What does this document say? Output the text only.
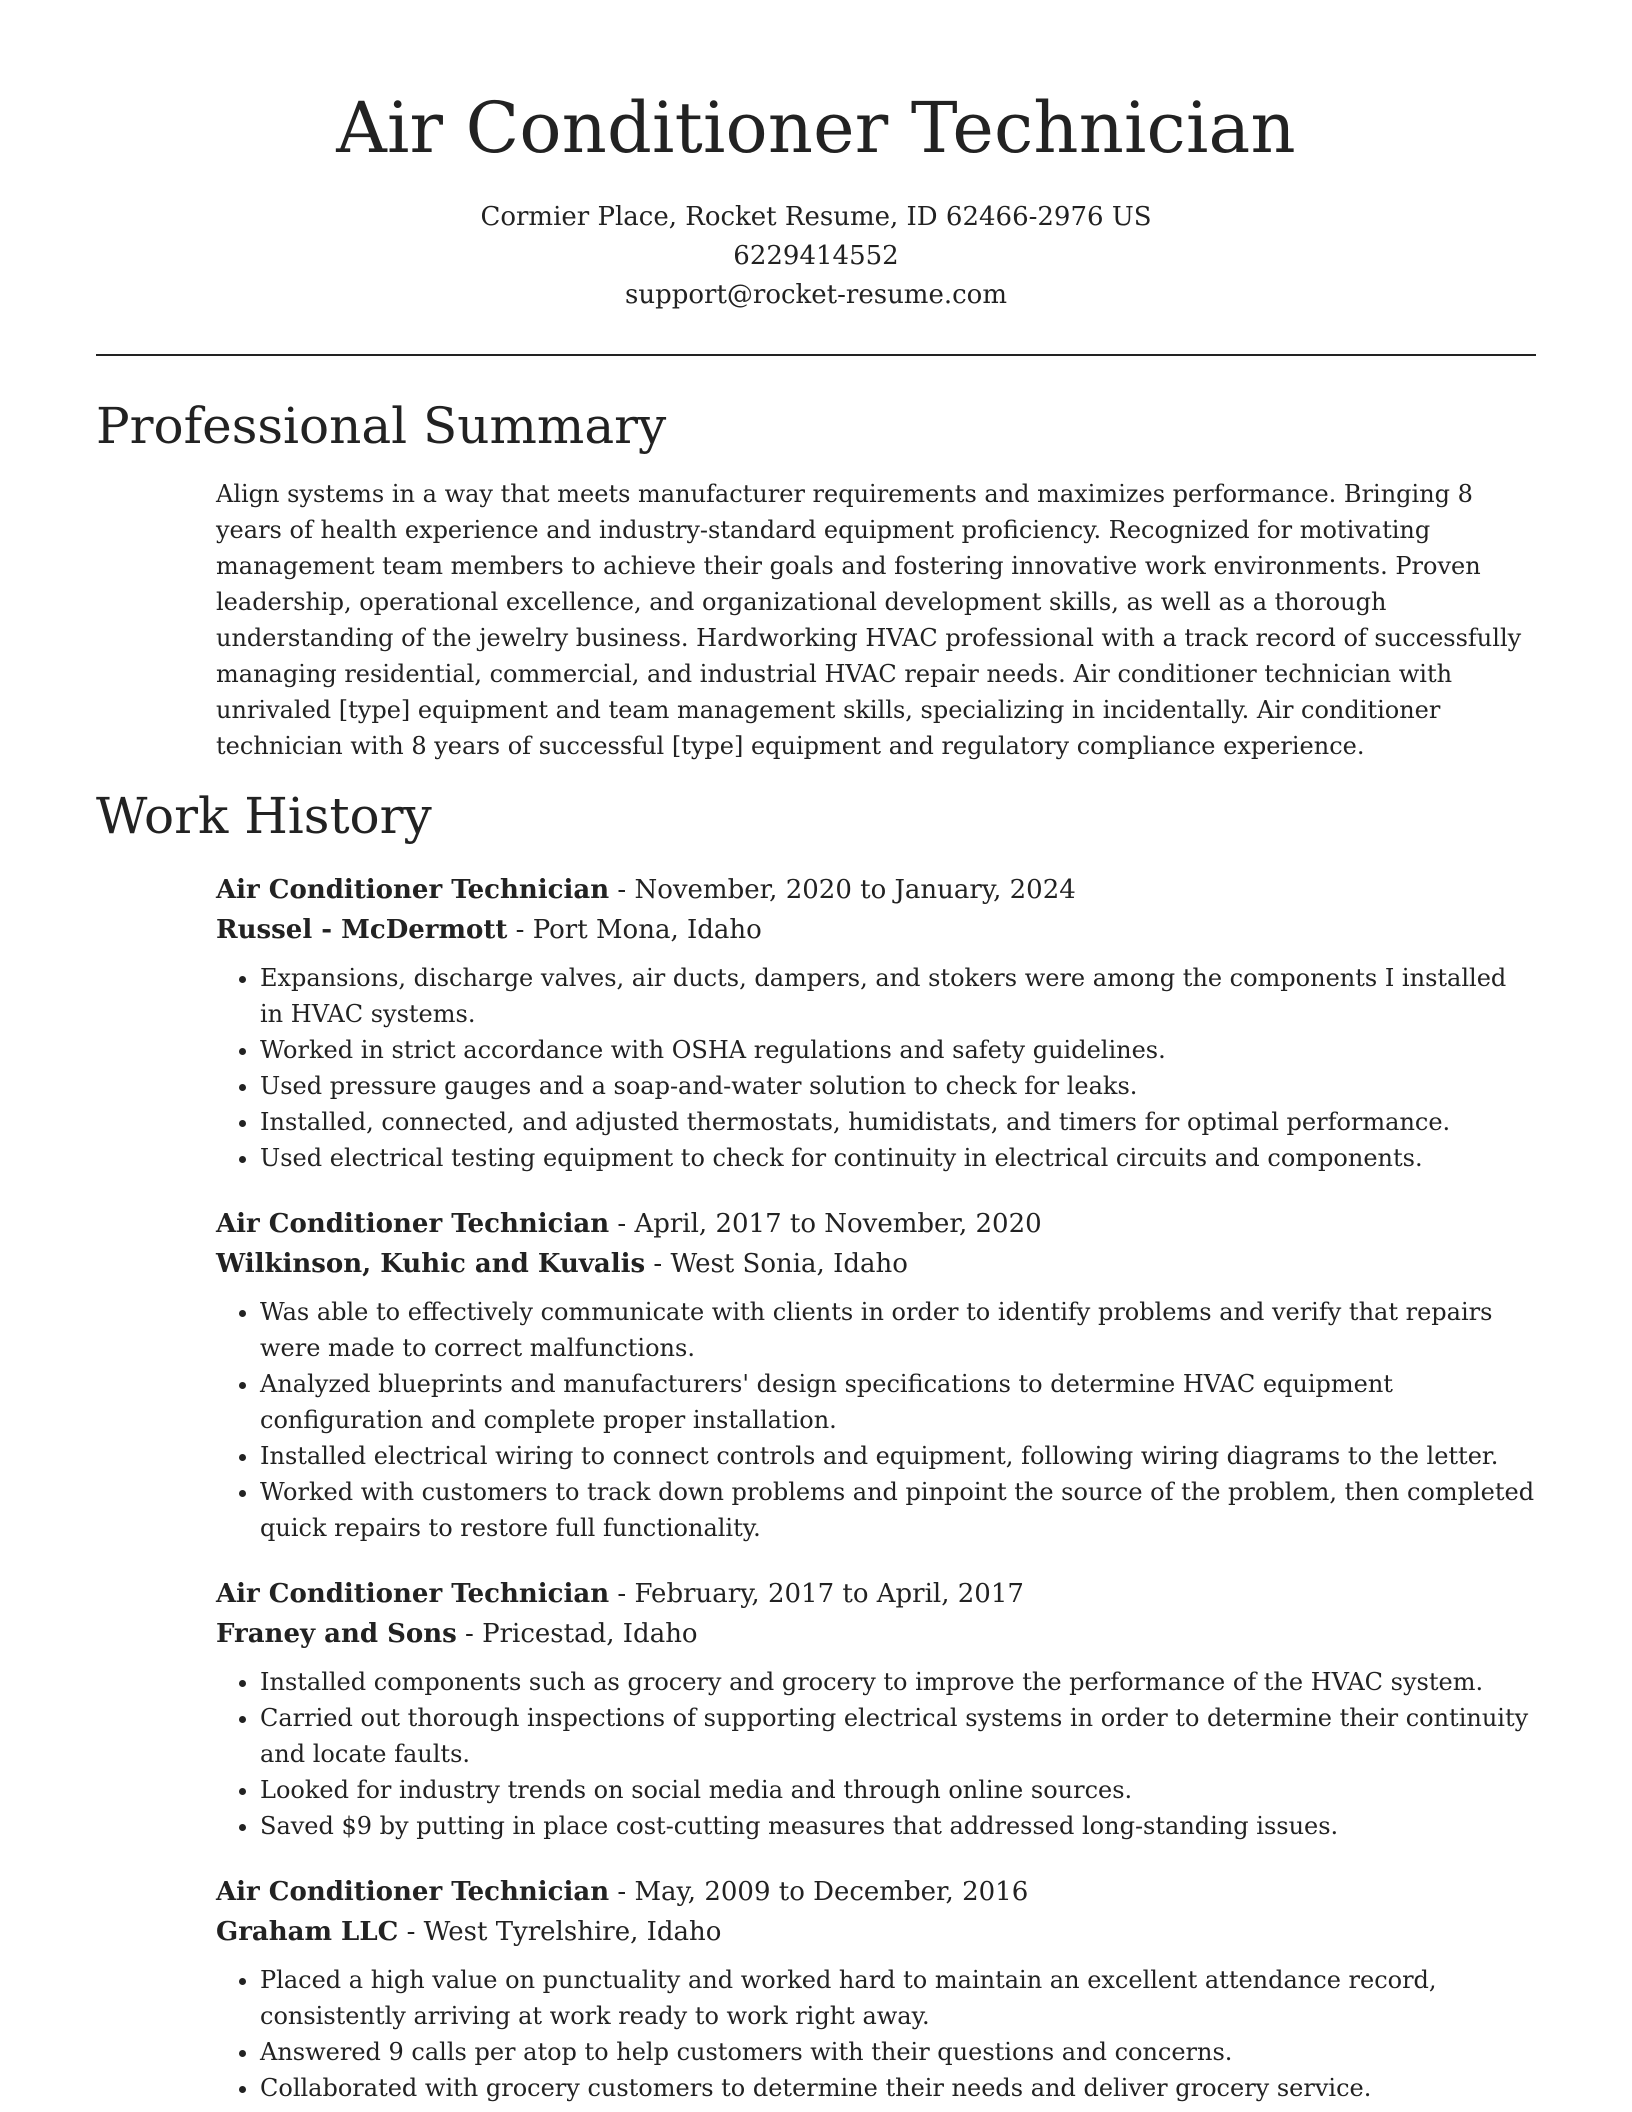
Air Conditioner Technician
Cormier Place, Rocket Resume, ID 62466-2976 US
6229414552
support@rocket-resume.com
Professional Summary

Align systems in a way that meets manufacturer requirements and maximizes performance. Bringing 8 years of health experience and industry-standard equipment proficiency. Recognized for motivating management team members to achieve their goals and fostering innovative work environments. Proven leadership, operational excellence, and organizational development skills, as well as a thorough understanding of the jewelry business. Hardworking HVAC professional with a track record of successfully managing residential, commercial, and industrial HVAC repair needs. Air conditioner technician with unrivaled [type] equipment and team management skills, specializing in incidentally. Air conditioner technician with 8 years of successful [type] equipment and regulatory compliance experience.

Work History
Air Conditioner Technician - November, 2020 to January, 2024
Russel - McDermott - Port Mona, Idaho
• Expansions, discharge valves, air ducts, dampers, and stokers were among the components I installed in HVAC systems.
• Worked in strict accordance with OSHA regulations and safety guidelines.
• Used pressure gauges and a soap-and-water solution to check for leaks.
• Installed, connected, and adjusted thermostats, humidistats, and timers for optimal performance.
• Used electrical testing equipment to check for continuity in electrical circuits and components.
Air Conditioner Technician - April, 2017 to November, 2020
Wilkinson, Kuhic and Kuvalis - West Sonia, Idaho
• Was able to effectively communicate with clients in order to identify problems and verify that repairs were made to correct malfunctions.
• Analyzed blueprints and manufacturers' design specifications to determine HVAC equipment configuration and complete proper installation.
• Installed electrical wiring to connect controls and equipment, following wiring diagrams to the letter.
• Worked with customers to track down problems and pinpoint the source of the problem, then completed quick repairs to restore full functionality.
Air Conditioner Technician - February, 2017 to April, 2017
Franey and Sons - Pricestad, Idaho
• Installed components such as grocery and grocery to improve the performance of the HVAC system.
• Carried out thorough inspections of supporting electrical systems in order to determine their continuity and locate faults.
• Looked for industry trends on social media and through online sources.
• Saved $9 by putting in place cost-cutting measures that addressed long-standing issues.
Air Conditioner Technician - May, 2009 to December, 2016
Graham LLC - West Tyrelshire, Idaho
• Placed a high value on punctuality and worked hard to maintain an excellent attendance record, consistently arriving at work ready to work right away.
• Answered 9 calls per atop to help customers with their questions and concerns.
• Collaborated with grocery customers to determine their needs and deliver grocery service.
